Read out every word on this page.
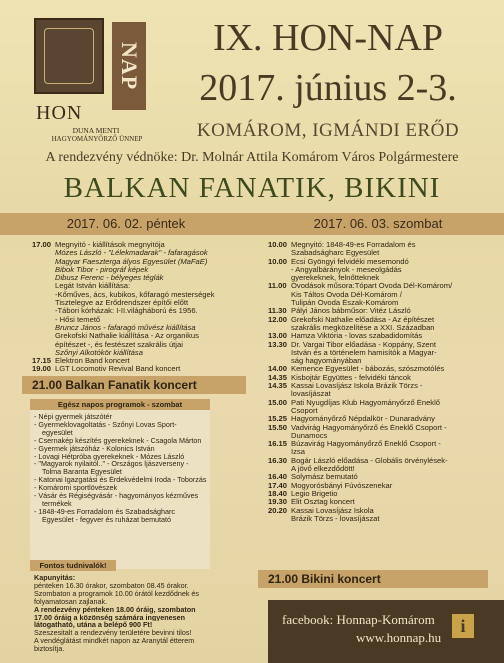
NAP
HON
DUNA MENTI
HAGYOMÁNYŐRZŐ ÜNNEP
IX. HON-NAP
2017. június 2-3.
KOMÁROM, IGMÁNDI ERŐD
A rendezvény védnöke: Dr. Molnár Attila Komárom Város Polgármestere
BALKAN FANATIK, BIKINI
2017. 06. 02. péntek	2017. 06. 03. szombat
17.00 Megnyitó - kiállítások megnyitója
Mózes László - "Lélekmadarak" - fafaragások
Magyar Faeszterga ályos Egyesület (MaFaE)
Bibok Tibor - pirográf képek
Dibusz Ferenc - bélyeges téglák
Legát István kiállítása:
-Kőműves, ács, kubikos, kőfaragó mesterségek
Tisztelegve az Erődrendszer építői előtt
-Tábori kórházak: I-II.világháború és 1956.
- Hősi temető
Bruncz János - fafaragó művész kiállítása
Grekofski Nathalie kiállítása - Az organikus
építészet -, és festészet szakrális útjai
Szőnyi Alkotókör kiállítása
17.15 Elektron Band koncert
19.00 LGT Locomotiv Revival Band koncert
21.00 Balkan Fanatik koncert
Egész napos programok - szombat
- Népi gyermek játszótér
- Gyermeklovagoltatás - Szőnyi Lovas Sport-
egyesület
- Csernakép készítés gyerekeknek - Csagola Márton
- Gyermek játszóház - Kolonics István
- Lovagi Hétpróba gyerekeknek - Mózes László
- "Magyarok nyilaitól.." - Országos Íjászverseny -
Tolma Baranta Egyesület
- Katonai Igazgatási és Érdekvédelmi Iroda - Toborzás
- Komáromi sportlövészek
- Vásár és Régiségvásár - hagyományos kézműves
termékek
- 1848-49-es Forradalom és Szabadságharc
Egyesület - fegyver és ruházat bemutató
Fontos tudnivalók!
Kapunyitás:
pénteken 16.30 órakor, szombaton 08.45 órakor.
Szombaton a programok 10.00 órától kezdődnek és
folyamatosan zajlanak.
A rendezvény pénteken 18.00 óráig, szombaton
17.00 óráig a közönség számára ingyenesen
látogatható, utána a belépő 900 Ft!
Szeszesitalt a rendezvény területére bevinni tilos!
A vendéglátást mindkét napon az Aranytál étterem
biztosítja.
10.00 Megnyitó: 1848-49-es Forradalom és
Szabadságharc Egyesület
10.00 Ecsi Gyöngyi felvidéki mesemondó
- Angyalbárányok - meseolgádás
gyerekeknek, felnőtteknek
11.00 Óvodások műsora:Tópart Óvoda Dél-Komárom/
Kis Táltos Óvoda Dél-Komárom /
Tulipán Óvoda Észak-Komárom
11.30 Pályi János bábműsor: Vitéz László
12.00 Grekofski Nathalie előadása - Az építészet
szakrális megközelítése a XXI. Században
13.00 Hamza Viktória - lovas szabadidomítás
13.30 Dr. Vargai Tibor előadása - Koppány, Szent
István és a történelem hamisítók a Magyar-
ság hagyományában
14.00 Kemence Egyesület - bábozás, szószmotólés
14.35 Kisbojtár Együttes - felvidéki táncok
14.35 Kassai Lovasíjász Iskola Brázik Törzs -
lovasíjászat
15.00 Pati Nyugdíjas Klub Hagyományőrző Éneklő
Csoport
15.25 Hagyományőrző Népdalkör - Dunaradvány
15.50 Vadvirág Hagyományőrző és Éneklő Csoport -
Dunamocs
16.15 Búzavirág Hagyományőrző Éneklő Csoport -
Izsa
16.30 Bogár László előadása - Globális örvénylések-
A jövő elkezdődött!
16.40 Solymász bemutató
17.40 Mogyorósbányi Fúvószenekar
18.40 Legio Brigetio
19.30 Elit Osztag koncert
20.20 Kassai Lovasíjász Iskola
Brázik Törzs - lovasíjászat
21.00 Bikini koncert
facebook: Honnap-Komárom
www.honnap.hu
i
